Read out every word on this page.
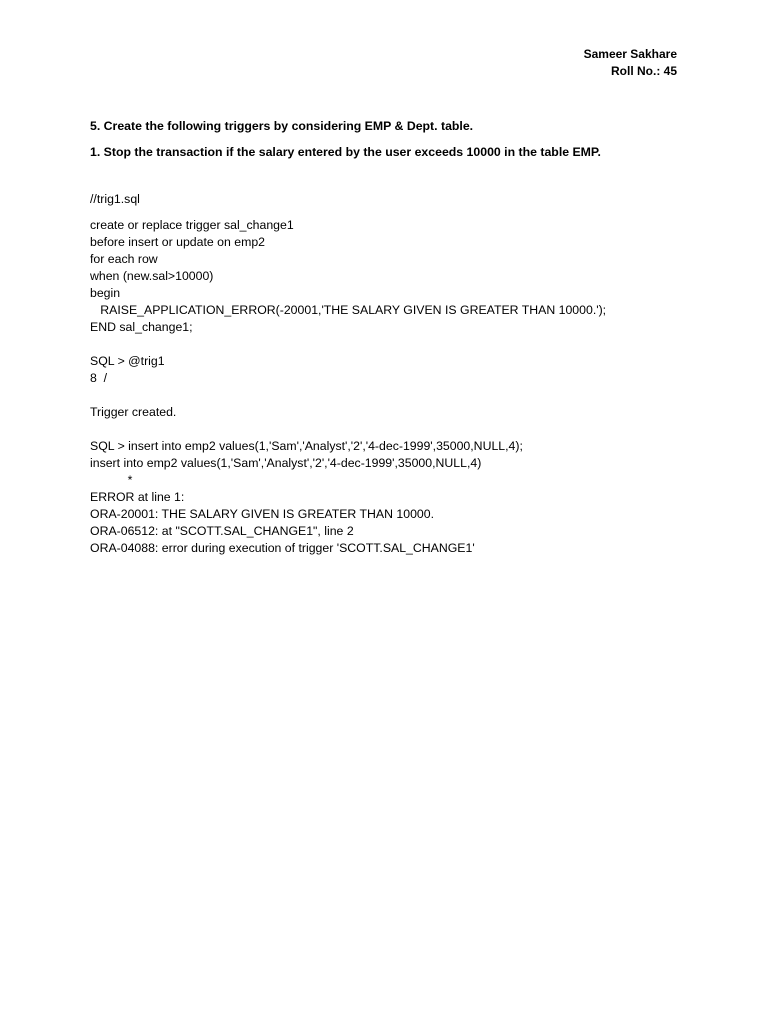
Sameer Sakhare
Roll No.: 45

5. Create the following triggers by considering EMP & Dept. table.

1. Stop the transaction if the salary entered by the user exceeds 10000 in the table EMP.

//trig1.sql

create or replace trigger sal_change1

before insert or update on emp2

for each row

when (new.sal>10000)

begin

RAISE_APPLICATION_ERROR(-20001,'THE SALARY GIVEN IS GREATER THAN 10000.');

END sal_change1;

SQL > @trig1

8  /

Trigger created.

SQL > insert into emp2 values(1,'Sam','Analyst','2','4-dec-1999',35000,NULL,4);

insert into emp2 values(1,'Sam','Analyst','2','4-dec-1999',35000,NULL,4)

*

ERROR at line 1:

ORA-20001: THE SALARY GIVEN IS GREATER THAN 10000.

ORA-06512: at "SCOTT.SAL_CHANGE1", line 2

ORA-04088: error during execution of trigger 'SCOTT.SAL_CHANGE1'
